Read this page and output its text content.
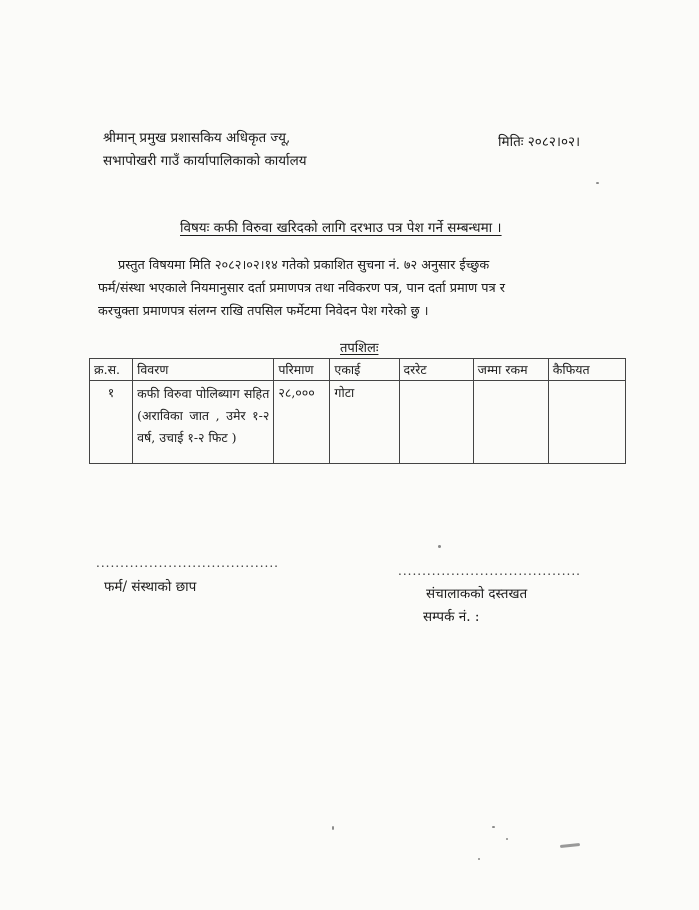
श्रीमान् प्रमुख प्रशासकिय अधिकृत ज्यू,
सभापोखरी गाउँ कार्यापालिकाको कार्यालय
मितिः २०८२।०२।
विषयः कफी विरुवा खरिदको लागि दरभाउ पत्र पेश गर्ने सम्बन्धमा ।

प्रस्तुत विषयमा मिति २०८२।०२।१४ गतेको प्रकाशित सुचना नं. ७२ अनुसार ईच्छुक

फर्म/संस्था भएकाले नियमानुसार दर्ता प्रमाणपत्र तथा नविकरण पत्र, पान दर्ता प्रमाण पत्र र

करचुक्ता प्रमाणपत्र संलग्न राखि तपसिल फर्मेटमा निवेदन पेश गरेको छु ।

तपशिलः
क्र.स.	विवरण	परिमाण	एकाई	दररेट	जम्मा रकम	कैफियत
१	कफी विरुवा पोलिब्याग सहित (अराविका जात , उमेर १-२ वर्ष, उचाई १-२ फिट )	२८,०००	गोटा			
......................................
फर्म/ संस्थाको छाप
......................................
संचालाकको दस्तखत
सम्पर्क नं. :
